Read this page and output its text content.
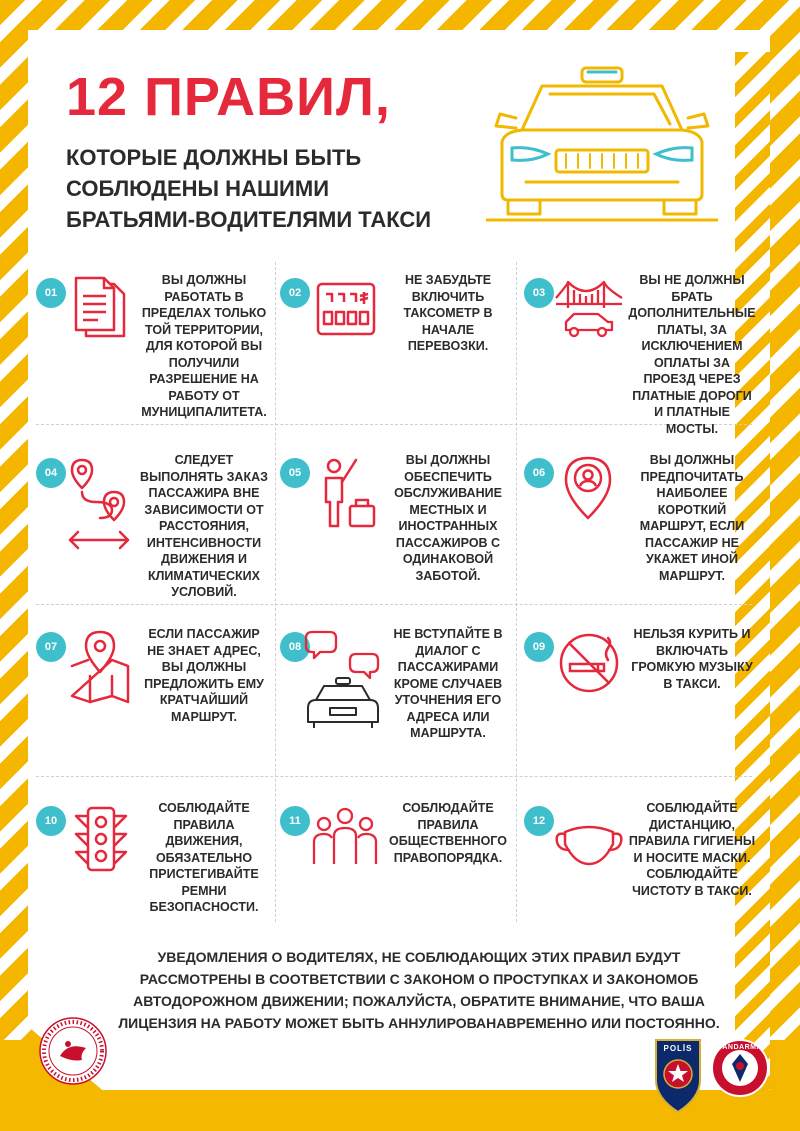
12 ПРАВИЛ,
КОТОРЫЕ ДОЛЖНЫ БЫТЬ
СОБЛЮДЕНЫ НАШИМИ
БРАТЬЯМИ-ВОДИТЕЛЯМИ ТАКСИ
01
ВЫ ДОЛЖНЫ РАБОТАТЬ В ПРЕДЕЛАХ ТОЛЬКО ТОЙ ТЕРРИТОРИИ, ДЛЯ КОТОРОЙ ВЫ ПОЛУЧИЛИ РАЗРЕШЕНИЕ НА РАБОТУ ОТ МУНИЦИПАЛИТЕТА.
02
НЕ ЗАБУДЬТЕ ВКЛЮЧИТЬ ТАКСОМЕТР В НАЧАЛЕ ПЕРЕВОЗКИ.
03
ВЫ НЕ ДОЛЖНЫ БРАТЬ ДОПОЛНИТЕЛЬНЫЕ ПЛАТЫ, ЗА ИСКЛЮЧЕНИЕМ ОПЛАТЫ ЗА ПРОЕЗД ЧЕРЕЗ ПЛАТНЫЕ ДОРОГИ И ПЛАТНЫЕ МОСТЫ.
04
СЛЕДУЕТ ВЫПОЛНЯТЬ ЗАКАЗ ПАССАЖИРА ВНЕ ЗАВИСИМОСТИ ОТ РАССТОЯНИЯ, ИНТЕНСИВНОСТИ ДВИЖЕНИЯ И КЛИМАТИЧЕСКИХ УСЛОВИЙ.
05
ВЫ ДОЛЖНЫ ОБЕСПЕЧИТЬ ОБСЛУЖИВАНИЕ МЕСТНЫХ И ИНОСТРАННЫХ ПАССАЖИРОВ С ОДИНАКОВОЙ ЗАБОТОЙ.
06
ВЫ ДОЛЖНЫ ПРЕДПОЧИТАТЬ НАИБОЛЕЕ КОРОТКИЙ МАРШРУТ, ЕСЛИ ПАССАЖИР НЕ УКАЖЕТ ИНОЙ МАРШРУТ.
07
ЕСЛИ ПАССАЖИР НЕ ЗНАЕТ АДРЕС, ВЫ ДОЛЖНЫ ПРЕДЛОЖИТЬ ЕМУ КРАТЧАЙШИЙ МАРШРУТ.
08
НЕ ВСТУПАЙТЕ В ДИАЛОГ С ПАССАЖИРАМИ КРОМЕ СЛУЧАЕВ УТОЧНЕНИЯ ЕГО АДРЕСА ИЛИ МАРШРУТА.
09
НЕЛЬЗЯ КУРИТЬ И ВКЛЮЧАТЬ ГРОМКУЮ МУЗЫКУ В ТАКСИ.
10
СОБЛЮДАЙТЕ ПРАВИЛА ДВИЖЕНИЯ, ОБЯЗАТЕЛЬНО ПРИСТЕГИВАЙТЕ РЕМНИ БЕЗОПАСНОСТИ.
11
СОБЛЮДАЙТЕ ПРАВИЛА ОБЩЕСТВЕННОГО ПРАВОПОРЯДКА.
12
СОБЛЮДАЙТЕ ДИСТАНЦИЮ, ПРАВИЛА ГИГИЕНЫ И НОСИТЕ МАСКИ. СОБЛЮДАЙТЕ ЧИСТОТУ В ТАКСИ.
УВЕДОМЛЕНИЯ О ВОДИТЕЛЯХ, НЕ СОБЛЮДАЮЩИХ ЭТИХ ПРАВИЛ БУДУТ РАССМОТРЕНЫ В СООТВЕТСТВИИ С ЗАКОНОМ О ПРОСТУПКАХ И ЗАКОНОМОБ АВТОДОРОЖНОМ ДВИЖЕНИИ; ПОЖАЛУЙСТА, ОБРАТИТЕ ВНИМАНИЕ, ЧТО ВАША ЛИЦЕНЗИЯ НА РАБОТУ МОЖЕТ БЫТЬ АННУЛИРОВАНАВРЕМЕННО ИЛИ ПОСТОЯННО.
POLİS	JANDARMA
